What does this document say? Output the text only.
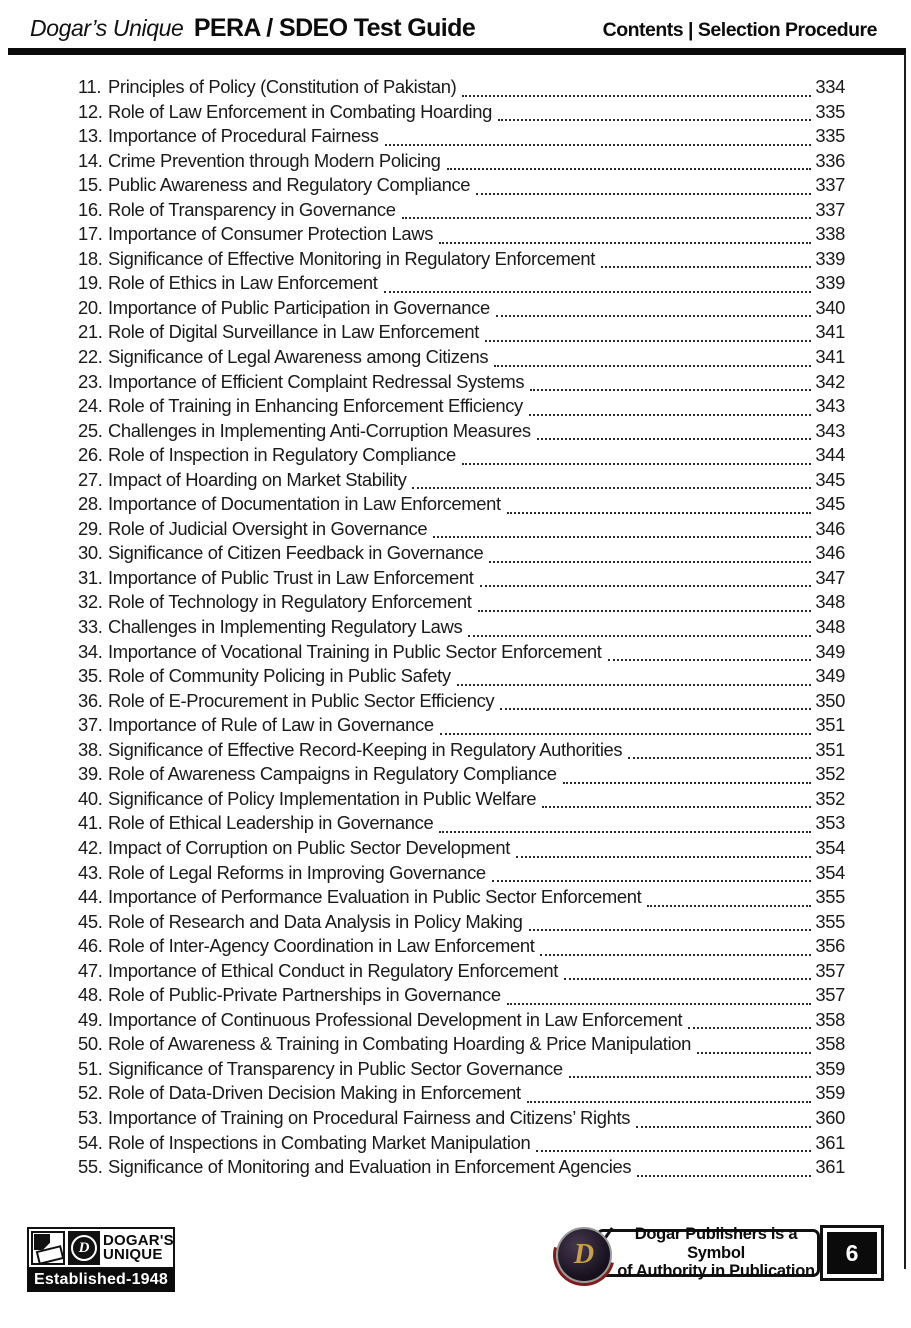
Dogar’s Unique PERA / SDEO Test Guide	Contents | Selection Procedure
11. Principles of Policy (Constitution of Pakistan)	334
12. Role of Law Enforcement in Combating Hoarding	335
13. Importance of Procedural Fairness	335
14. Crime Prevention through Modern Policing	336
15. Public Awareness and Regulatory Compliance	337
16. Role of Transparency in Governance	337
17. Importance of Consumer Protection Laws	338
18. Significance of Effective Monitoring in Regulatory Enforcement	339
19. Role of Ethics in Law Enforcement	339
20. Importance of Public Participation in Governance	340
21. Role of Digital Surveillance in Law Enforcement	341
22. Significance of Legal Awareness among Citizens	341
23. Importance of Efficient Complaint Redressal Systems	342
24. Role of Training in Enhancing Enforcement Efficiency	343
25. Challenges in Implementing Anti-Corruption Measures	343
26. Role of Inspection in Regulatory Compliance	344
27. Impact of Hoarding on Market Stability	345
28. Importance of Documentation in Law Enforcement	345
29. Role of Judicial Oversight in Governance	346
30. Significance of Citizen Feedback in Governance	346
31. Importance of Public Trust in Law Enforcement	347
32. Role of Technology in Regulatory Enforcement	348
33. Challenges in Implementing Regulatory Laws	348
34. Importance of Vocational Training in Public Sector Enforcement	349
35. Role of Community Policing in Public Safety	349
36. Role of E-Procurement in Public Sector Efficiency	350
37. Importance of Rule of Law in Governance	351
38. Significance of Effective Record-Keeping in Regulatory Authorities	351
39. Role of Awareness Campaigns in Regulatory Compliance	352
40. Significance of Policy Implementation in Public Welfare	352
41. Role of Ethical Leadership in Governance	353
42. Impact of Corruption on Public Sector Development	354
43. Role of Legal Reforms in Improving Governance	354
44. Importance of Performance Evaluation in Public Sector Enforcement	355
45. Role of Research and Data Analysis in Policy Making	355
46. Role of Inter-Agency Coordination in Law Enforcement	356
47. Importance of Ethical Conduct in Regulatory Enforcement	357
48. Role of Public-Private Partnerships in Governance	357
49. Importance of Continuous Professional Development in Law Enforcement	358
50. Role of Awareness & Training in Combating Hoarding & Price Manipulation	358
51. Significance of Transparency in Public Sector Governance	359
52. Role of Data-Driven Decision Making in Enforcement	359
53. Importance of Training on Procedural Fairness and Citizens’ Rights	360
54. Role of Inspections in Combating Market Manipulation	361
55. Significance of Monitoring and Evaluation in Enforcement Agencies	361
D DOGAR'S
UNIQUE
Established-1948
D
Dogar Publishers is a Symbol
of Authority in Publication
6
